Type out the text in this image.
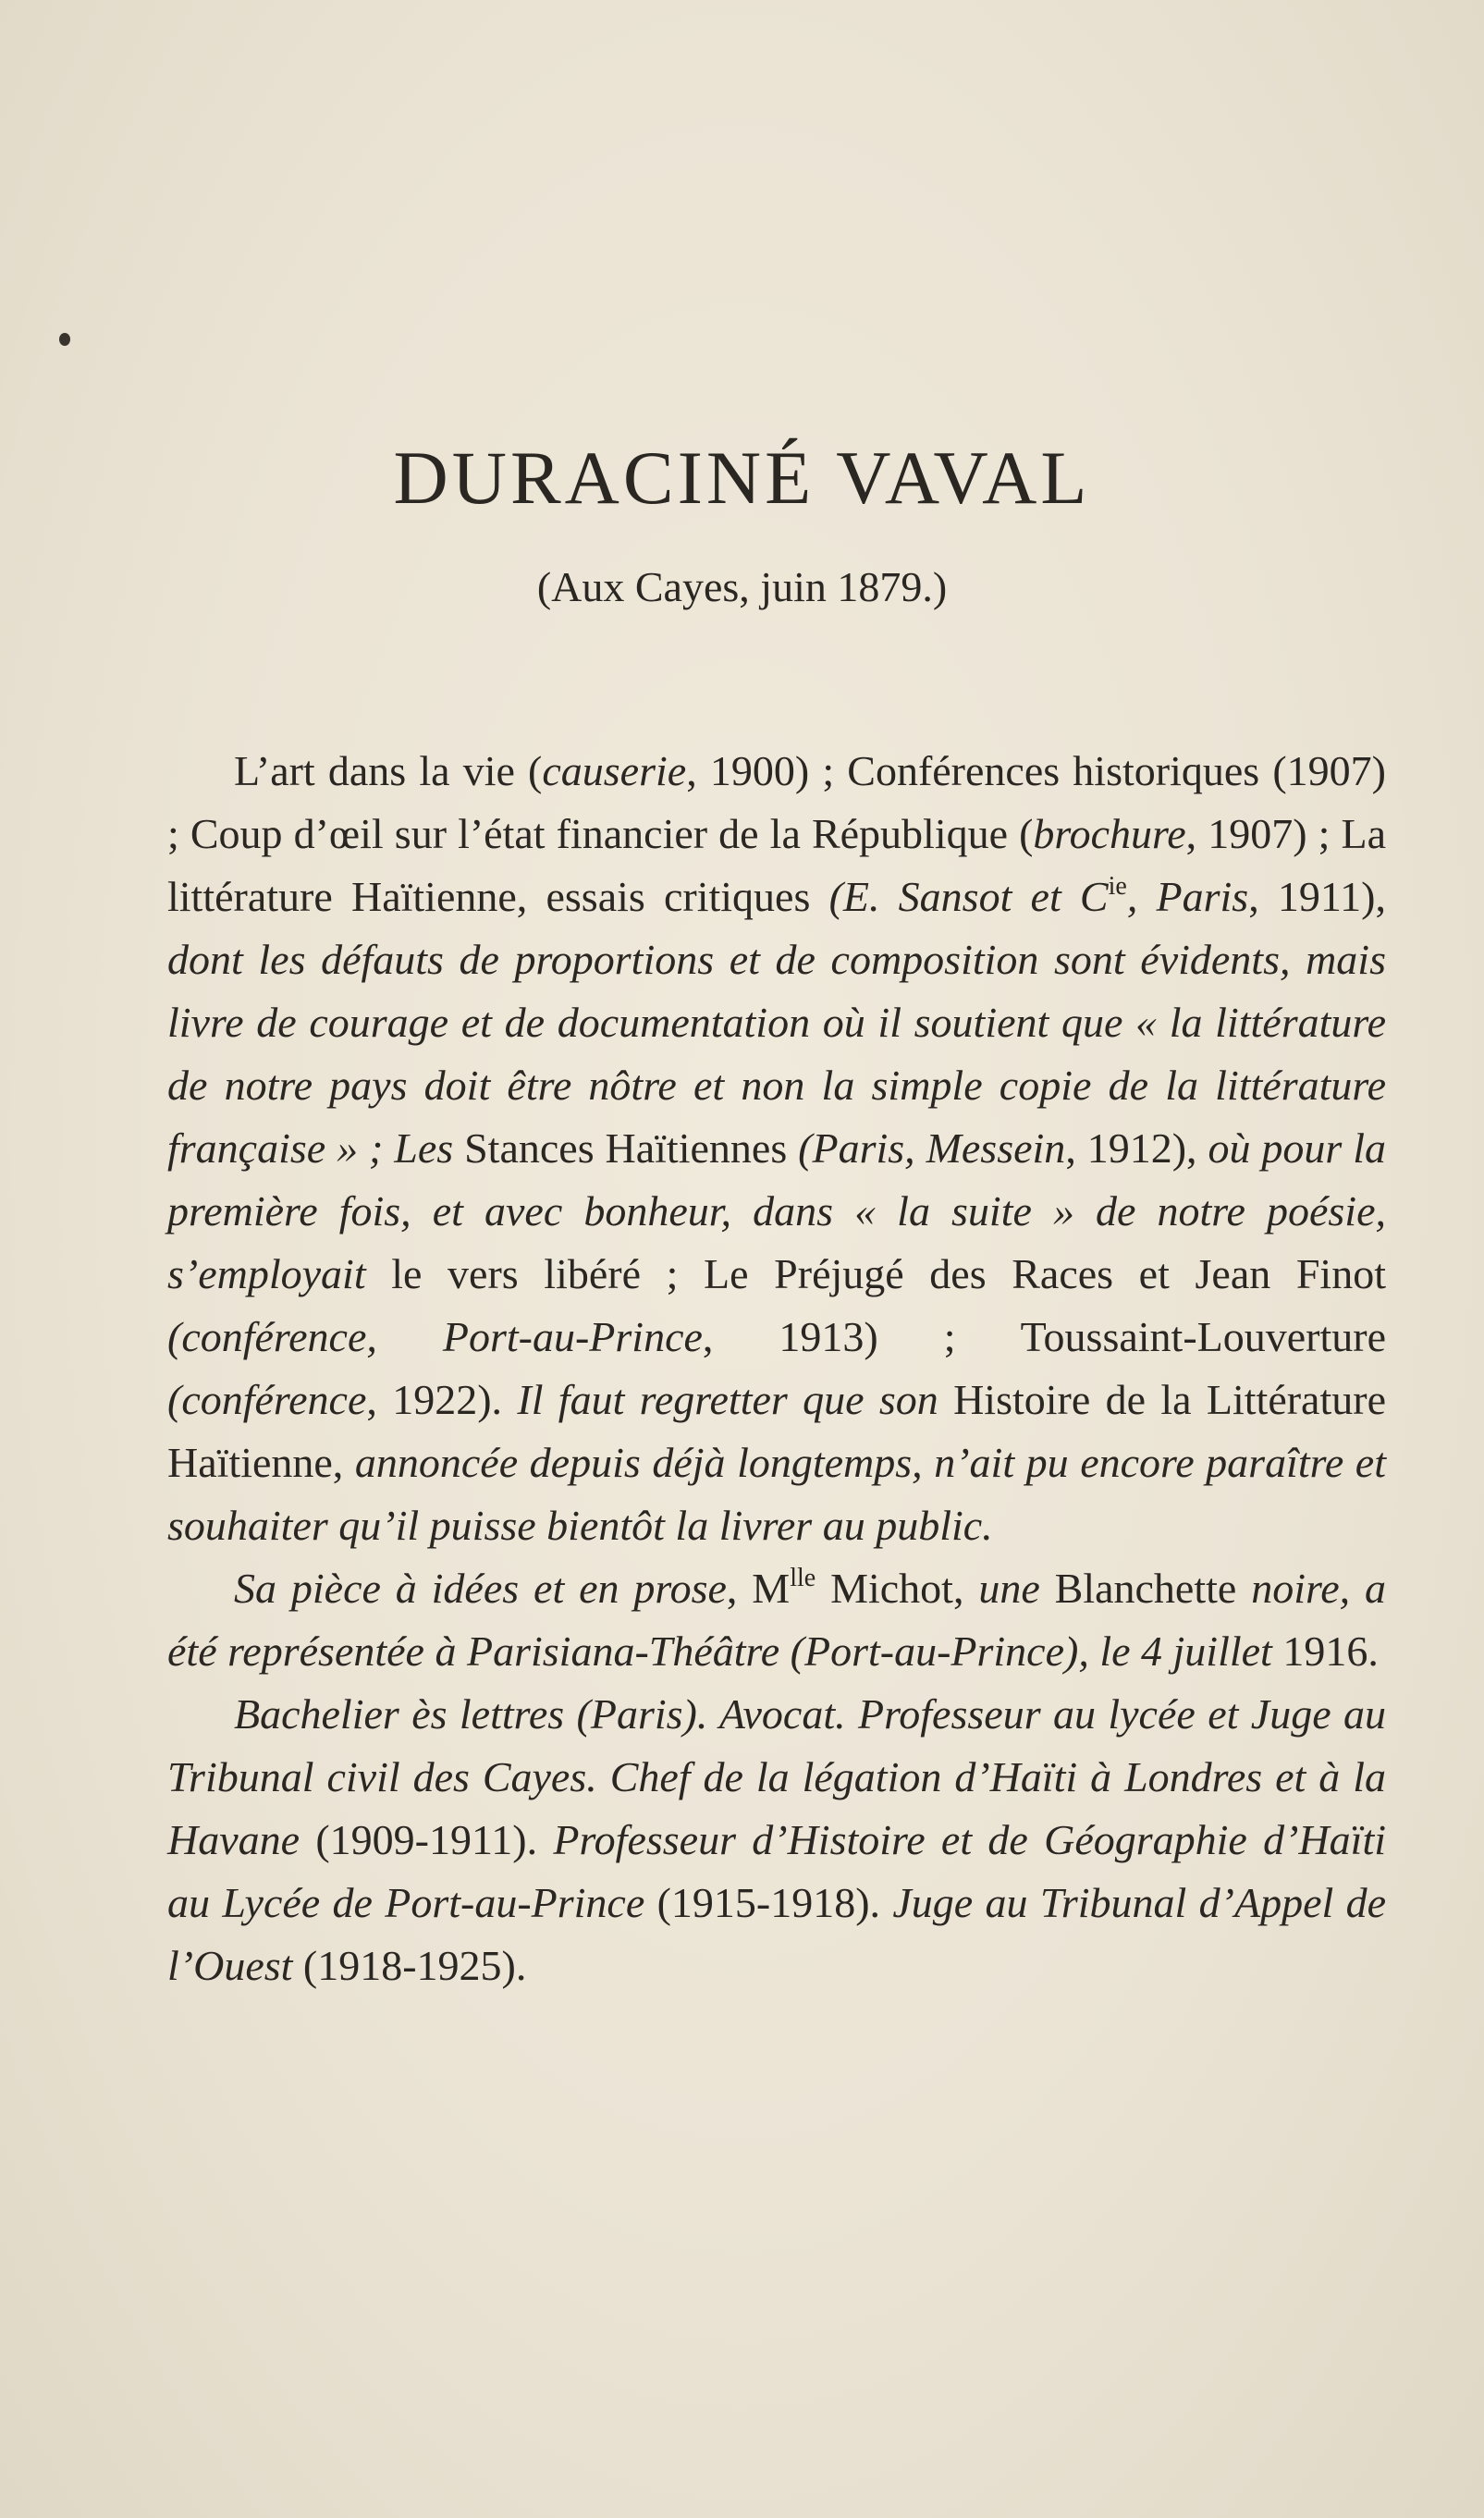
DURACINÉ VAVAL

(Aux Cayes, juin 1879.)

L’art dans la vie (causerie, 1900) ; Conférences historiques (1907) ; Coup d’œil sur l’état financier de la République (brochure, 1907) ; La littérature Haïtienne, essais critiques (E. Sansot et $C^{ie}$, Paris, 1911), dont les défauts de proportions et de composition sont évidents, mais livre de courage et de documentation où il soutient que « la littérature de notre pays doit être nôtre et non la simple copie de la littérature française » ; Les Stances Haïtiennes (Paris, Messein, 1912), où pour la première fois, et avec bonheur, dans « la suite » de notre poésie, s’employait le vers libéré ; Le Préjugé des Races et Jean Finot (conférence, Port-au-Prince, 1913) ; Toussaint-Louverture (conférence, 1922). Il faut regretter que son Histoire de la Littérature Haïtienne, annoncée depuis déjà longtemps, n’ait pu encore paraître et souhaiter qu’il puisse bientôt la livrer au public.

Sa pièce à idées et en prose, $M^{lle}$ Michot, une Blanchette noire, a été représentée à Parisiana-Théâtre (Port-au-Prince), le 4 juillet 1916.

Bachelier ès lettres (Paris). Avocat. Professeur au lycée et Juge au Tribunal civil des Cayes. Chef de la légation d’Haïti à Londres et à la Havane (1909-1911). Professeur d’Histoire et de Géographie d’Haïti au Lycée de Port-au-Prince (1915-1918). Juge au Tribunal d’Appel de l’Ouest (1918-1925).
